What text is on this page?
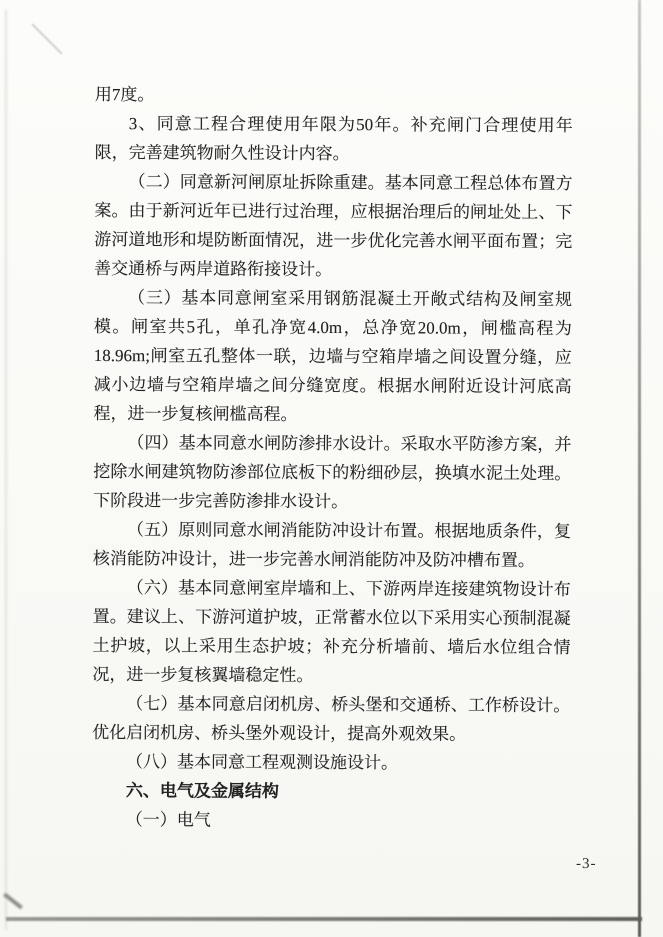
用7度。

3、同意工程合理使用年限为50年。补充闸门合理使用年限，完善建筑物耐久性设计内容。

（二）同意新河闸原址拆除重建。基本同意工程总体布置方案。由于新河近年已进行过治理，应根据治理后的闸址处上、下游河道地形和堤防断面情况，进一步优化完善水闸平面布置；完善交通桥与两岸道路衔接设计。

（三）基本同意闸室采用钢筋混凝土开敞式结构及闸室规模。闸室共5孔，单孔净宽4.0m，总净宽20.0m，闸槛高程为18.96m;闸室五孔整体一联，边墙与空箱岸墙之间设置分缝，应减小边墙与空箱岸墙之间分缝宽度。根据水闸附近设计河底高程，进一步复核闸槛高程。

（四）基本同意水闸防渗排水设计。采取水平防渗方案，并挖除水闸建筑物防渗部位底板下的粉细砂层，换填水泥土处理。下阶段进一步完善防渗排水设计。

（五）原则同意水闸消能防冲设计布置。根据地质条件，复核消能防冲设计，进一步完善水闸消能防冲及防冲槽布置。

（六）基本同意闸室岸墙和上、下游两岸连接建筑物设计布置。建议上、下游河道护坡，正常蓄水位以下采用实心预制混凝土护坡，以上采用生态护坡；补充分析墙前、墙后水位组合情况，进一步复核翼墙稳定性。

（七）基本同意启闭机房、桥头堡和交通桥、工作桥设计。优化启闭机房、桥头堡外观设计，提高外观效果。

（八）基本同意工程观测设施设计。

六、电气及金属结构

（一）电气

-3-
